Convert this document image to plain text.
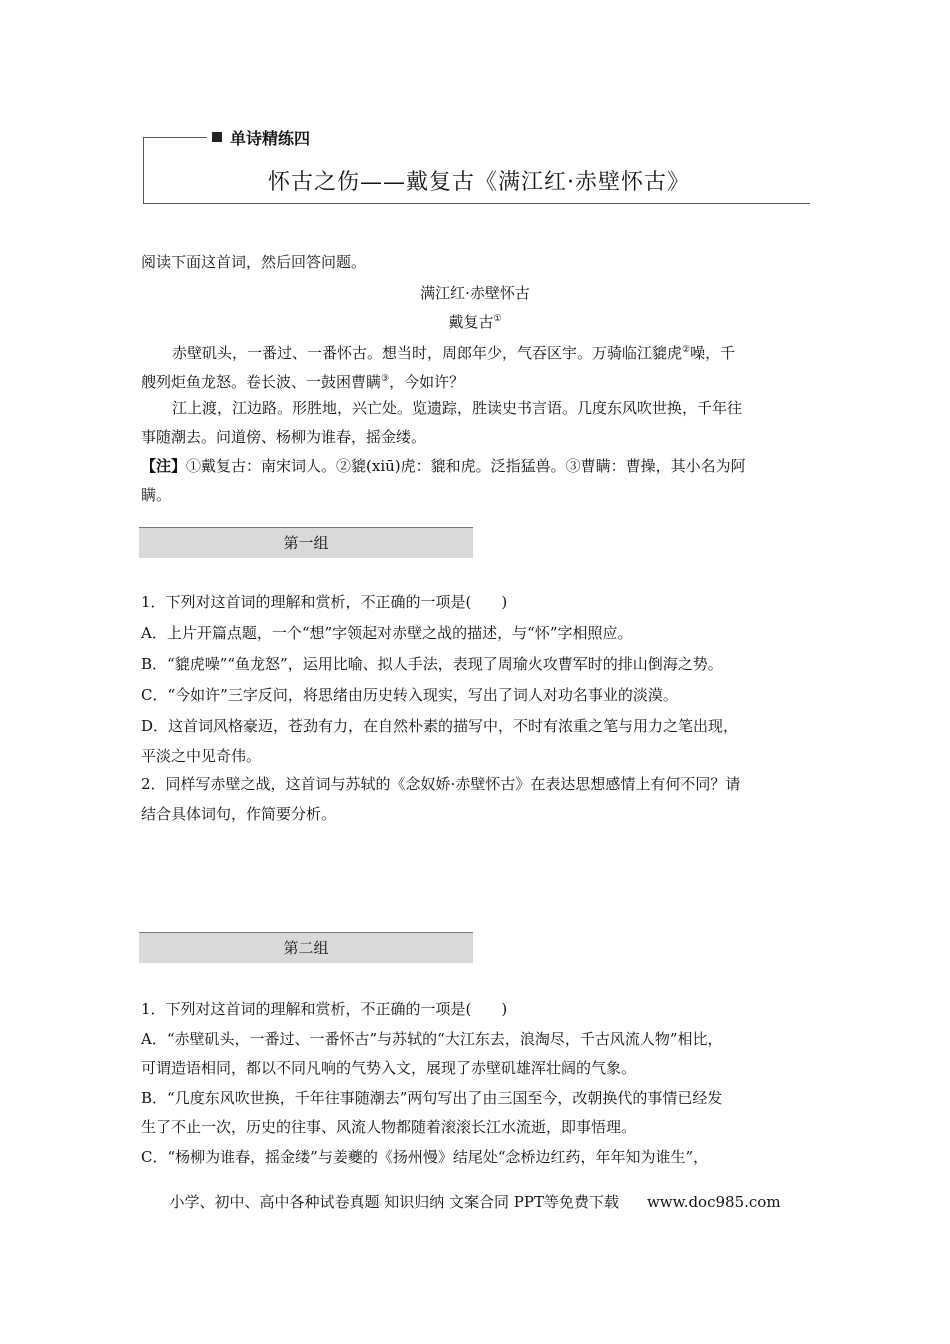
单诗精练四
怀古之伤——戴复古《满江红·赤壁怀古》
阅读下面这首词，然后回答问题。
满江红·赤壁怀古
戴复古①
赤壁矶头，一番过、一番怀古。想当时，周郎年少，气吞区宇。万骑临江貔虎②噪，千
艘列炬鱼龙怒。卷长波、一鼓困曹瞒③，今如许？
江上渡，江边路。形胜地，兴亡处。览遗踪，胜读史书言语。几度东风吹世换，千年往
事随潮去。问道傍、杨柳为谁春，摇金缕。
【注】①戴复古：南宋词人。②貔(xiū)虎：貔和虎。泛指猛兽。③曹瞒：曹操，其小名为阿
瞒。
第一组
1．下列对这首词的理解和赏析，不正确的一项是(　　)
A．上片开篇点题，一个“想”字领起对赤壁之战的描述，与“怀”字相照应。
B．“貔虎噪”“鱼龙怒”，运用比喻、拟人手法，表现了周瑜火攻曹军时的排山倒海之势。
C．“今如许”三字反问，将思绪由历史转入现实，写出了词人对功名事业的淡漠。
D．这首词风格豪迈，苍劲有力，在自然朴素的描写中，不时有浓重之笔与用力之笔出现，
平淡之中见奇伟。
2．同样写赤壁之战，这首词与苏轼的《念奴娇·赤壁怀古》在表达思想感情上有何不同？请
结合具体词句，作简要分析。
第二组
1．下列对这首词的理解和赏析，不正确的一项是(　　)
A．“赤壁矶头，一番过、一番怀古”与苏轼的“大江东去，浪淘尽，千古风流人物”相比，
可谓造语相同，都以不同凡响的气势入文，展现了赤壁矶雄浑壮阔的气象。
B．“几度东风吹世换，千年往事随潮去”两句写出了由三国至今，改朝换代的事情已经发
生了不止一次，历史的往事、风流人物都随着滚滚长江水流逝，即事悟理。
C．“杨柳为谁春，摇金缕”与姜夔的《扬州慢》结尾处“念桥边红药，年年知为谁生”，
小学、初中、高中各种试卷真题 知识归纳 文案合同 PPT等免费下载 www.doc985.com
